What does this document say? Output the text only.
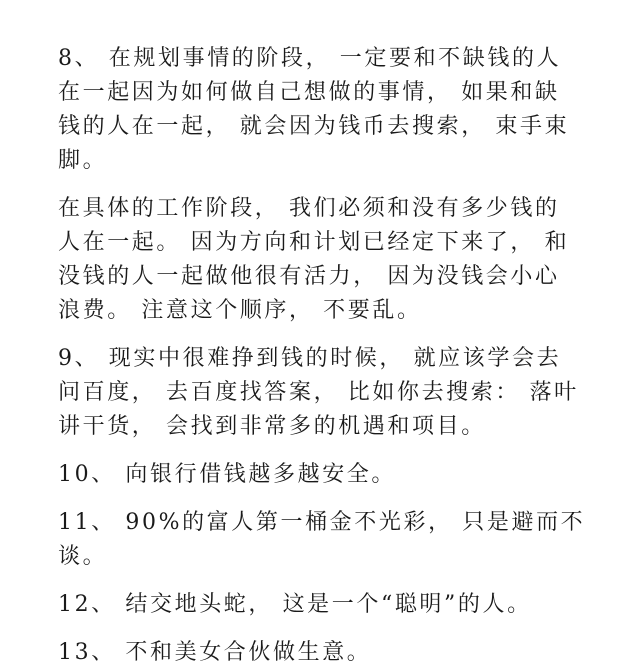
8、 在规划事情的阶段， 一定要和不缺钱的人
在一起因为如何做自己想做的事情， 如果和缺
钱的人在一起， 就会因为钱币去搜索， 束手束
脚。

在具体的工作阶段， 我们必须和没有多少钱的
人在一起。 因为方向和计划已经定下来了， 和
没钱的人一起做他很有活力， 因为没钱会小心
浪费。 注意这个顺序， 不要乱。

9、 现实中很难挣到钱的时候， 就应该学会去
问百度， 去百度找答案， 比如你去搜索： 落叶
讲干货， 会找到非常多的机遇和项目。

10、 向银行借钱越多越安全。

11、 90%的富人第一桶金不光彩， 只是避而不
谈。

12、 结交地头蛇， 这是一个“聪明”的人。

13、 不和美女合伙做生意。
